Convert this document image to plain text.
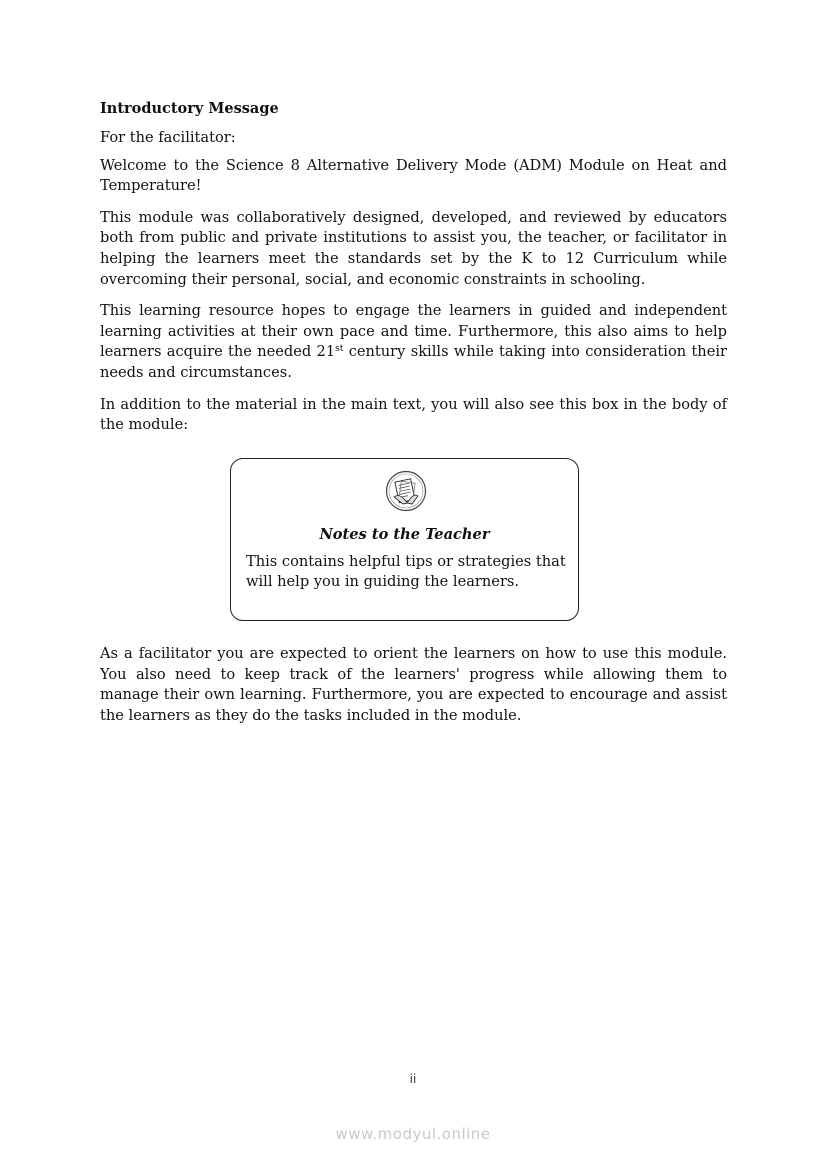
Introductory Message

For the facilitator:

Welcome to the Science 8 Alternative Delivery Mode (ADM) Module on Heat and Temperature!

This module was collaboratively designed, developed, and reviewed by educators both from public and private institutions to assist you, the teacher, or facilitator in helping the learners meet the standards set by the K to 12 Curriculum while overcoming their personal, social, and economic constraints in schooling.

This learning resource hopes to engage the learners in guided and independent learning activities at their own pace and time. Furthermore, this also aims to help learners acquire the needed 21st century skills while taking into consideration their needs and circumstances.

In addition to the material in the main text, you will also see this box in the body of the module:

Notes to the Teacher

This contains helpful tips or strategies that will help you in guiding the learners.

As a facilitator you are expected to orient the learners on how to use this module. You also need to keep track of the learners' progress while allowing them to manage their own learning. Furthermore, you are expected to encourage and assist the learners as they do the tasks included in the module.

ii
www.modyul.online
